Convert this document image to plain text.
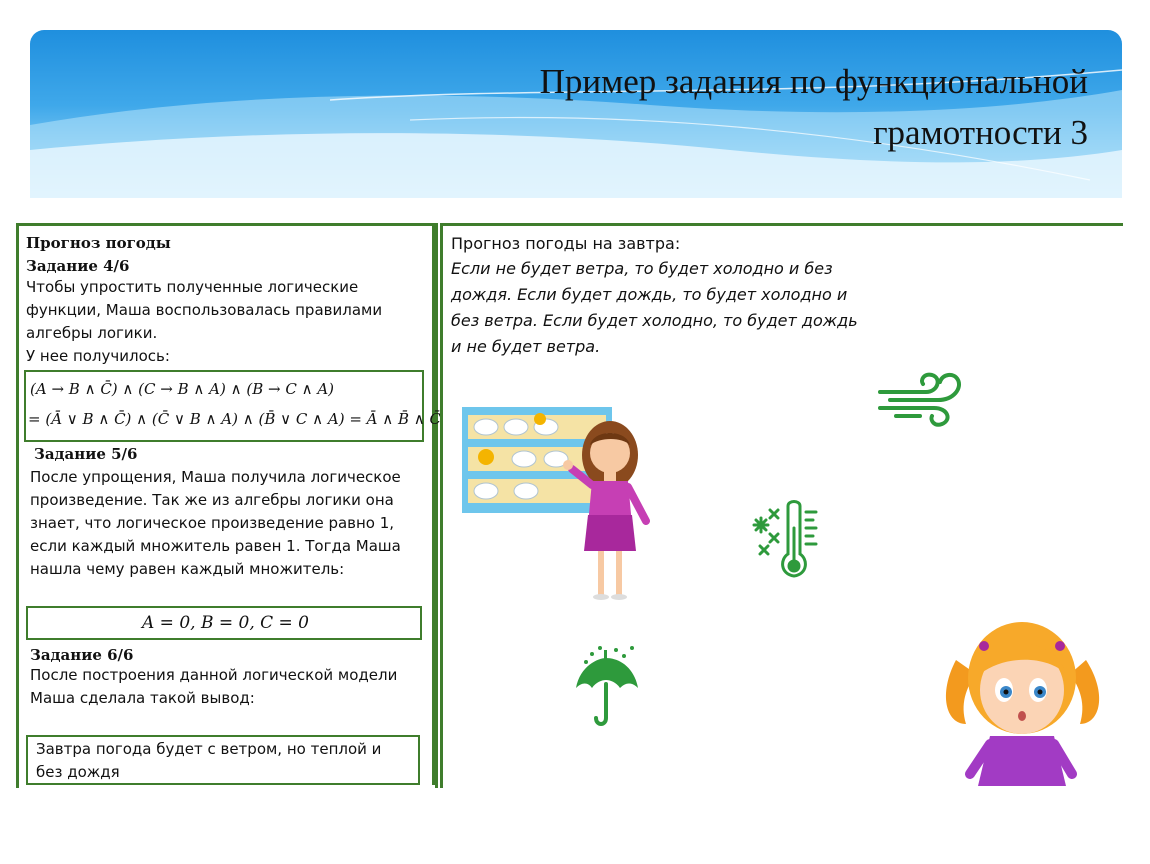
Пример задания по функциональной
грамотности 3
Прогноз погоды
Задание 4/6
Чтобы упростить полученные логические
функции, Маша воспользовалась правилами
алгебры логики.
У нее получилось:
(A → B ∧ C̄) ∧ (C → B ∧ A) ∧ (B → C ∧ A)
= (Ā ∨ B ∧ C̄) ∧ (C̄ ∨ B ∧ A) ∧ (B̄ ∨ C ∧ A) = Ā ∧ B̄ ∧ C̄
Задание 5/6
После упрощения, Маша получила логическое
произведение. Так же из алгебры логики она
знает, что логическое произведение равно 1,
если каждый множитель равен 1. Тогда Маша
нашла чему равен каждый множитель:
A = 0, B = 0, C = 0
Задание 6/6
После построения данной логической модели
Маша сделала такой вывод:
Завтра погода будет с ветром, но теплой и
без дождя
Прогноз погоды на завтра:
Если не будет ветра, то будет холодно и без
дождя. Если будет дождь, то будет холодно и
без ветра. Если будет холодно, то будет дождь
и не будет ветра.
